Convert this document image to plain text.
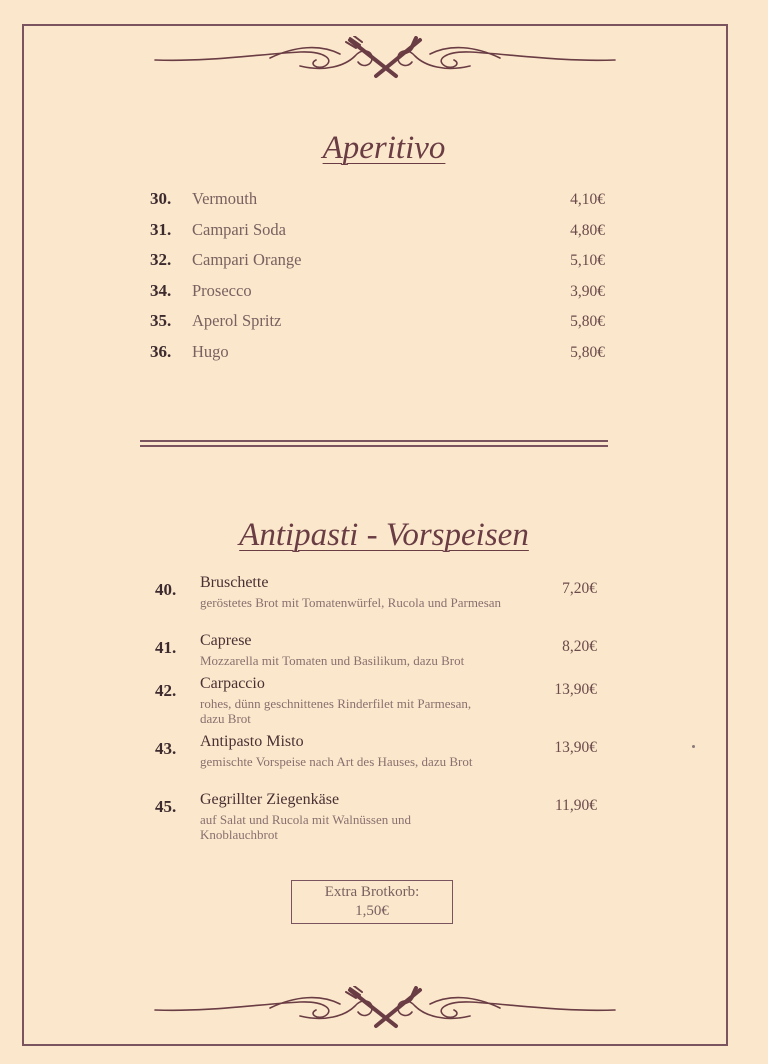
Aperitivo
30. Vermouth	4,10€
31. Campari Soda	4,80€
32. Campari Orange	5,10€
34. Prosecco	3,90€
35. Aperol Spritz	5,80€
36. Hugo	5,80€
Antipasti - Vorspeisen
40. Bruschette
geröstetes Brot mit Tomatenwürfel, Rucola und Parmesan
7,20€
41. Caprese
Mozzarella mit Tomaten und Basilikum, dazu Brot
8,20€
42. Carpaccio
rohes, dünn geschnittenes Rinderfilet mit Parmesan, dazu Brot
13,90€
43. Antipasto Misto
gemischte Vorspeise nach Art des Hauses, dazu Brot
13,90€
45. Gegrillter Ziegenkäse
auf Salat und Rucola mit Walnüssen und Knoblauchbrot
11,90€
Extra Brotkorb:
1,50€
